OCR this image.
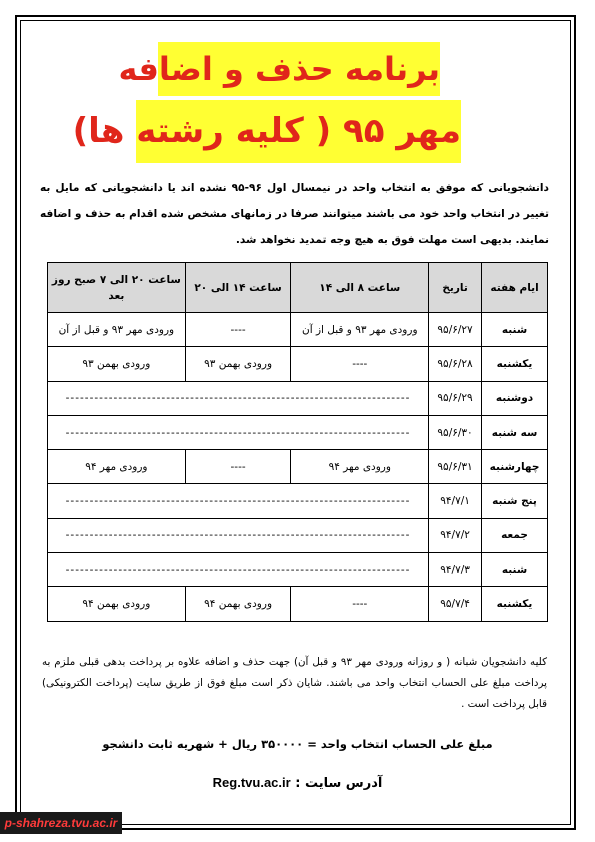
برنامه حذف و اضافه
مهر ۹۵ ( کلیه رشته ها)
دانشجویانی که موفق به انتخاب واحد در نیمسال اول ۹۶-۹۵ نشده اند یا دانشجویانی که مایل به تغییر در انتخاب واحد خود می باشند میتوانند صرفا در زمانهای مشخص شده اقدام به حذف و اضافه نمایند. بدیهی است مهلت فوق به هیچ وجه تمدید نخواهد شد.
ایام هفته	تاریخ	ساعت ۸ الی ۱۴	ساعت ۱۴ الی ۲۰	ساعت ۲۰ الی ۷ صبح روز بعد
شنبه	۹۵/۶/۲۷	ورودی مهر ۹۳ و قبل از آن	----	ورودی مهر ۹۳ و قبل از آن
یکشنبه	۹۵/۶/۲۸	----	ورودی بهمن ۹۳	ورودی بهمن ۹۳
دوشنبه	۹۵/۶/۲۹	------------------------------------------------------------------------		
سه شنبه	۹۵/۶/۳۰	------------------------------------------------------------------------		
چهارشنبه	۹۵/۶/۳۱	ورودی مهر ۹۴	----	ورودی مهر ۹۴
پنج شنبه	۹۴/۷/۱	------------------------------------------------------------------------		
جمعه	۹۴/۷/۲	------------------------------------------------------------------------		
شنبه	۹۴/۷/۳	------------------------------------------------------------------------		
یکشنبه	۹۵/۷/۴	----	ورودی بهمن ۹۴	ورودی بهمن ۹۴
کلیه دانشجویان شبانه ( و روزانه ورودی مهر ۹۳ و قبل آن) جهت حذف و اضافه علاوه بر پرداخت بدهی قبلی ملزم به پرداخت مبلغ علی الحساب انتخاب واحد می باشند. شایان ذکر است مبلغ فوق از طریق سایت (پرداخت الکترونیکی) قابل پرداخت است .
مبلغ علی الحساب انتخاب واحد = ۳۵۰۰۰۰ ریال + شهریه ثابت دانشجو
آدرس سایت : Reg.tvu.ac.ir
p-shahreza.tvu.ac.ir
